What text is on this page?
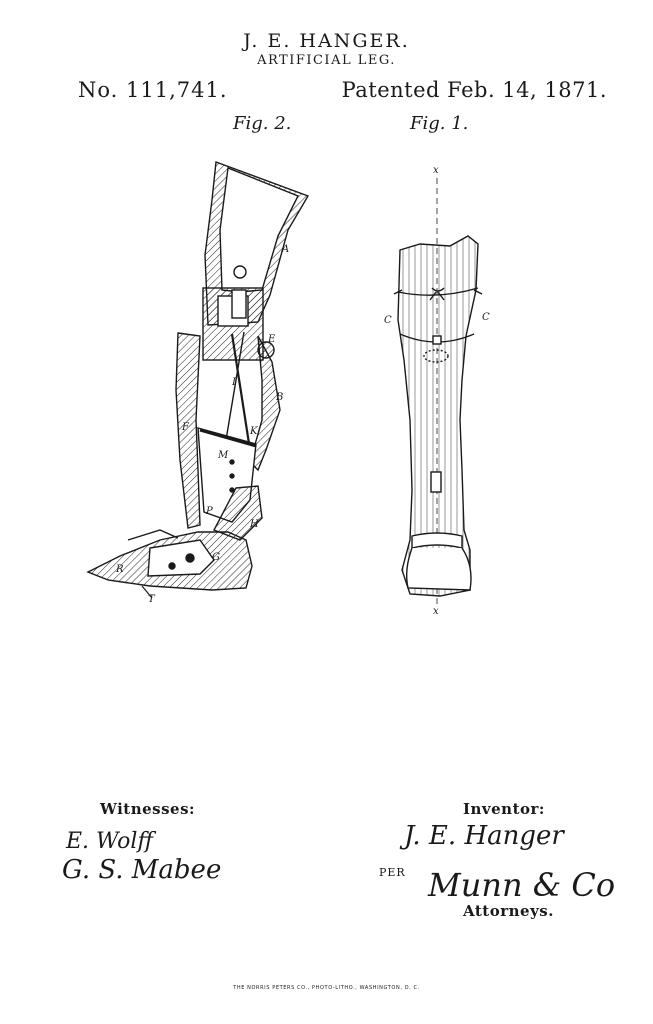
J. E. HANGER.
ARTIFICIAL LEG.
No. 111,741.	Patented Feb. 14, 1871.
Fig. 2.	Fig. 1.
A
E
I
B
F	K
M
P
H
G
R
T
x
C	C
x
E. Wolff
G. S. Mabee
J. E. Hanger
Munn & Co
Witnesses:	Inventor:
PER
Attorneys.
THE NORRIS PETERS CO., PHOTO-LITHO., WASHINGTON, D. C.
